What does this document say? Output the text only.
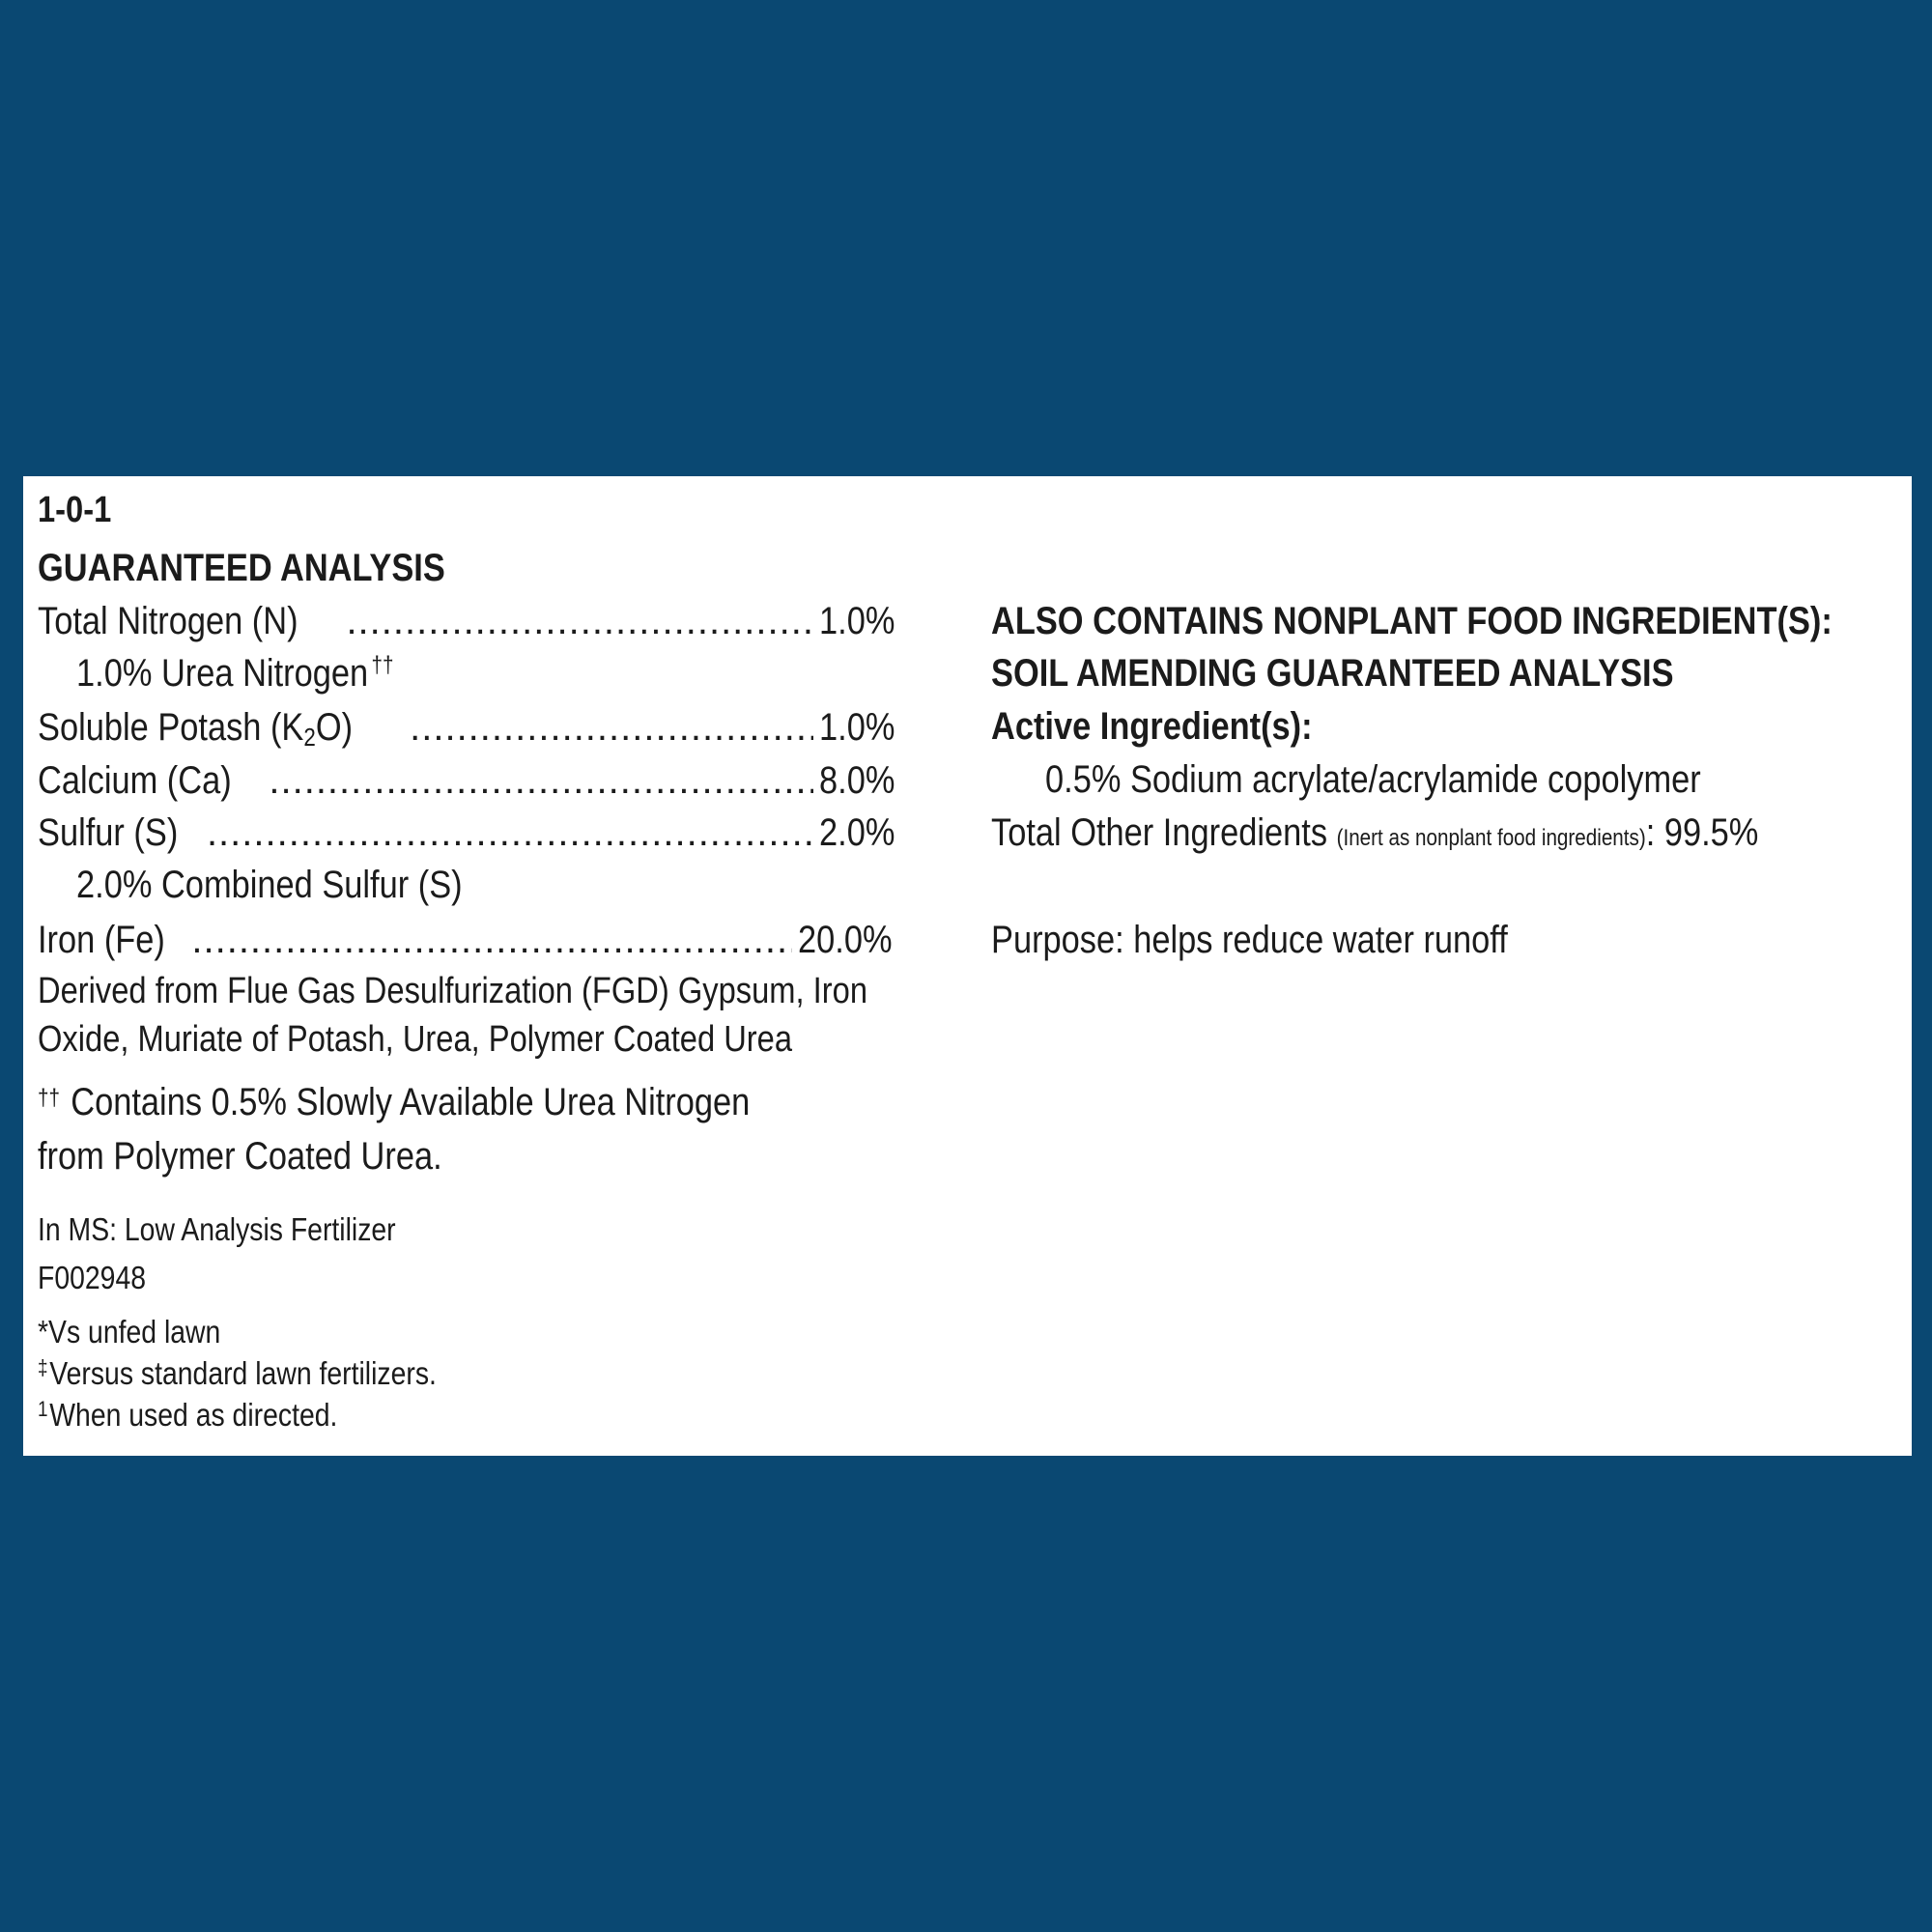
1-0-1
GUARANTEED ANALYSIS
Total Nitrogen (N) .....	1.0%
1.0% Urea Nitrogen ††
Soluble Potash $(K_2O)$ .....	1.0%
Calcium (Ca) .....	8.0%
Sulfur (S) .....	2.0%
2.0% Combined Sulfur (S)
Iron (Fe) .....	20.0%
Derived from Flue Gas Desulfurization (FGD) Gypsum, Iron
Oxide, Muriate of Potash, Urea, Polymer Coated Urea
†† Contains 0.5% Slowly Available Urea Nitrogen
from Polymer Coated Urea.
In MS: Low Analysis Fertilizer
F002948
*Vs unfed lawn
‡Versus standard lawn fertilizers.
$^1$When used as directed.
ALSO CONTAINS NONPLANT FOOD INGREDIENT(S):
SOIL AMENDING GUARANTEED ANALYSIS
Active Ingredient(s):
0.5% Sodium acrylate/acrylamide copolymer
Total Other Ingredients (Inert as nonplant food ingredients): 99.5%
Purpose: helps reduce water runoff
